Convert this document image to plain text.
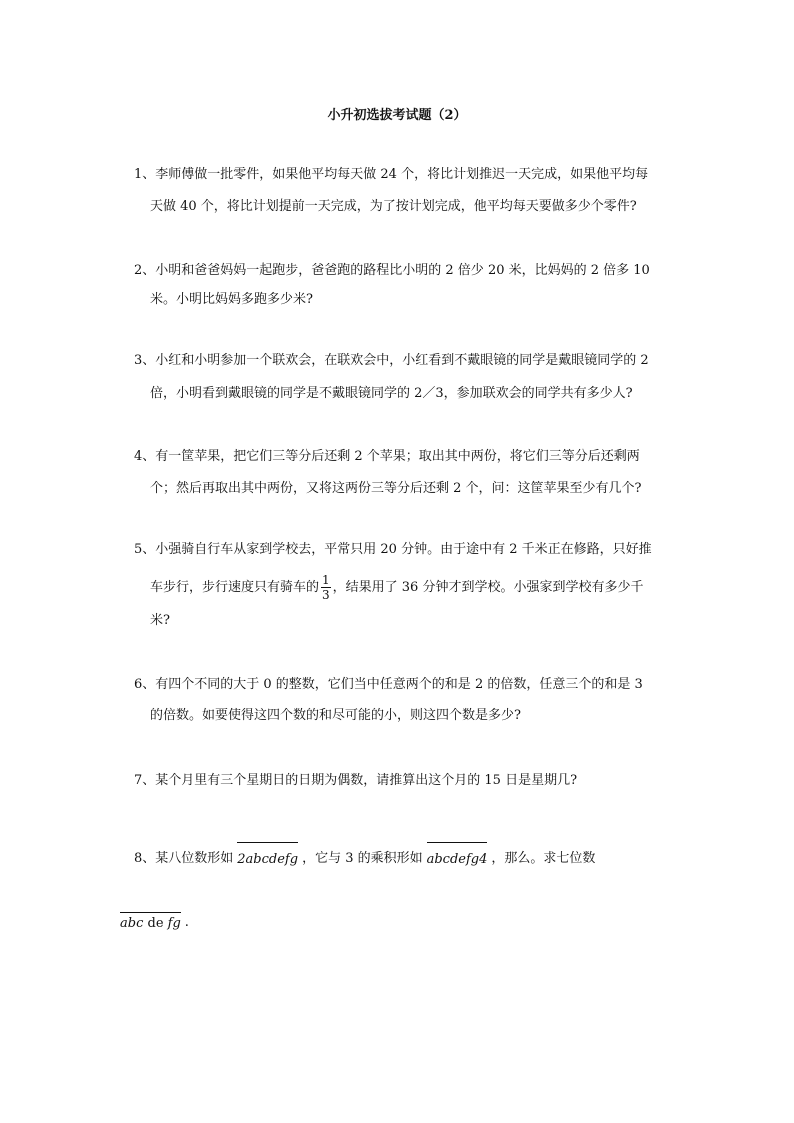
小升初选拔考试题（2）
1、李师傅做一批零件，如果他平均每天做 24 个，将比计划推迟一天完成，如果他平均每
天做 40 个，将比计划提前一天完成，为了按计划完成，他平均每天要做多少个零件?
2、小明和爸爸妈妈一起跑步，爸爸跑的路程比小明的 2 倍少 20 米，比妈妈的 2 倍多 10
米。小明比妈妈多跑多少米?
3、小红和小明参加一个联欢会，在联欢会中，小红看到不戴眼镜的同学是戴眼镜同学的 2
倍，小明看到戴眼镜的同学是不戴眼镜同学的 2／3，参加联欢会的同学共有多少人?
4、有一筐苹果，把它们三等分后还剩 2 个苹果；取出其中两份，将它们三等分后还剩两
个；然后再取出其中两份，又将这两份三等分后还剩 2 个，问：这筐苹果至少有几个?
5、小强骑自行车从家到学校去，平常只用 20 分钟。由于途中有 2 千米正在修路，只好推
车步行，步行速度只有骑车的 $\frac{1}{3}$ ，结果用了 36 分钟才到学校。小强家到学校有多少千
米?
6、有四个不同的大于 0 的整数，它们当中任意两个的和是 2 的倍数，任意三个的和是 3
的倍数。如要使得这四个数的和尽可能的小，则这四个数是多少?
7、某个月里有三个星期日的日期为偶数，请推算出这个月的 15 日是星期几?
8、某八位数形如 2abcdefg ，它与 3 的乘积形如 abcdefg4 ，那么。求七位数
abc de fg .
